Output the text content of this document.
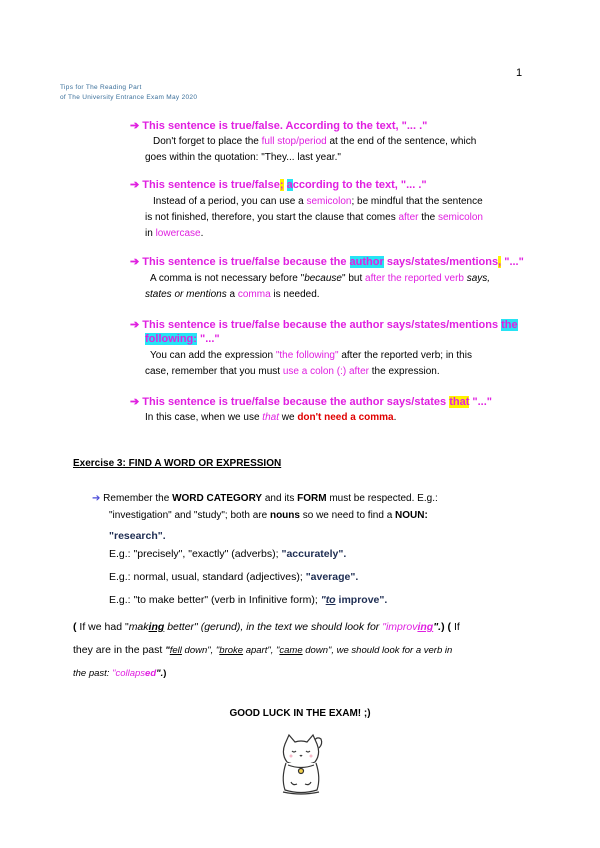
1
Tips for The Reading Part
of The University Entrance Exam May 2020
➔ This sentence is true/false. According to the text, "... ."
Don't forget to place the full stop/period at the end of the sentence, which
goes within the quotation: "They... last year."
➔ This sentence is true/false; according to the text, "... ."
Instead of a period, you can use a semicolon; be mindful that the sentence
is not finished, therefore, you start the clause that comes after the semicolon
in lowercase.
➔ This sentence is true/false because the author says/states/mentions, "..."
A comma is not necessary before "because" but after the reported verb says,
states or mentions a comma is needed.
➔ This sentence is true/false because the author says/states/mentions the
following: "..."
You can add the expression "the following" after the reported verb; in this
case, remember that you must use a colon (:) after the expression.
➔ This sentence is true/false because the author says/states that "..."
In this case, when we use that we don't need a comma.
Exercise 3: FIND A WORD OR EXPRESSION
➔ Remember the WORD CATEGORY and its FORM must be respected. E.g.:
"investigation" and "study"; both are nouns so we need to find a NOUN:
"research".
E.g.: "precisely", "exactly" (adverbs); "accurately".
E.g.: normal, usual, standard (adjectives); "average".
E.g.: "to make better" (verb in Infinitive form); "to improve".
( If we had "making better" (gerund), in the text we should look for "improving".) ( If
they are in the past "fell down", "broke apart", "came down", we should look for a verb in
the past: "collapsed".)
GOOD LUCK IN THE EXAM! ;)
